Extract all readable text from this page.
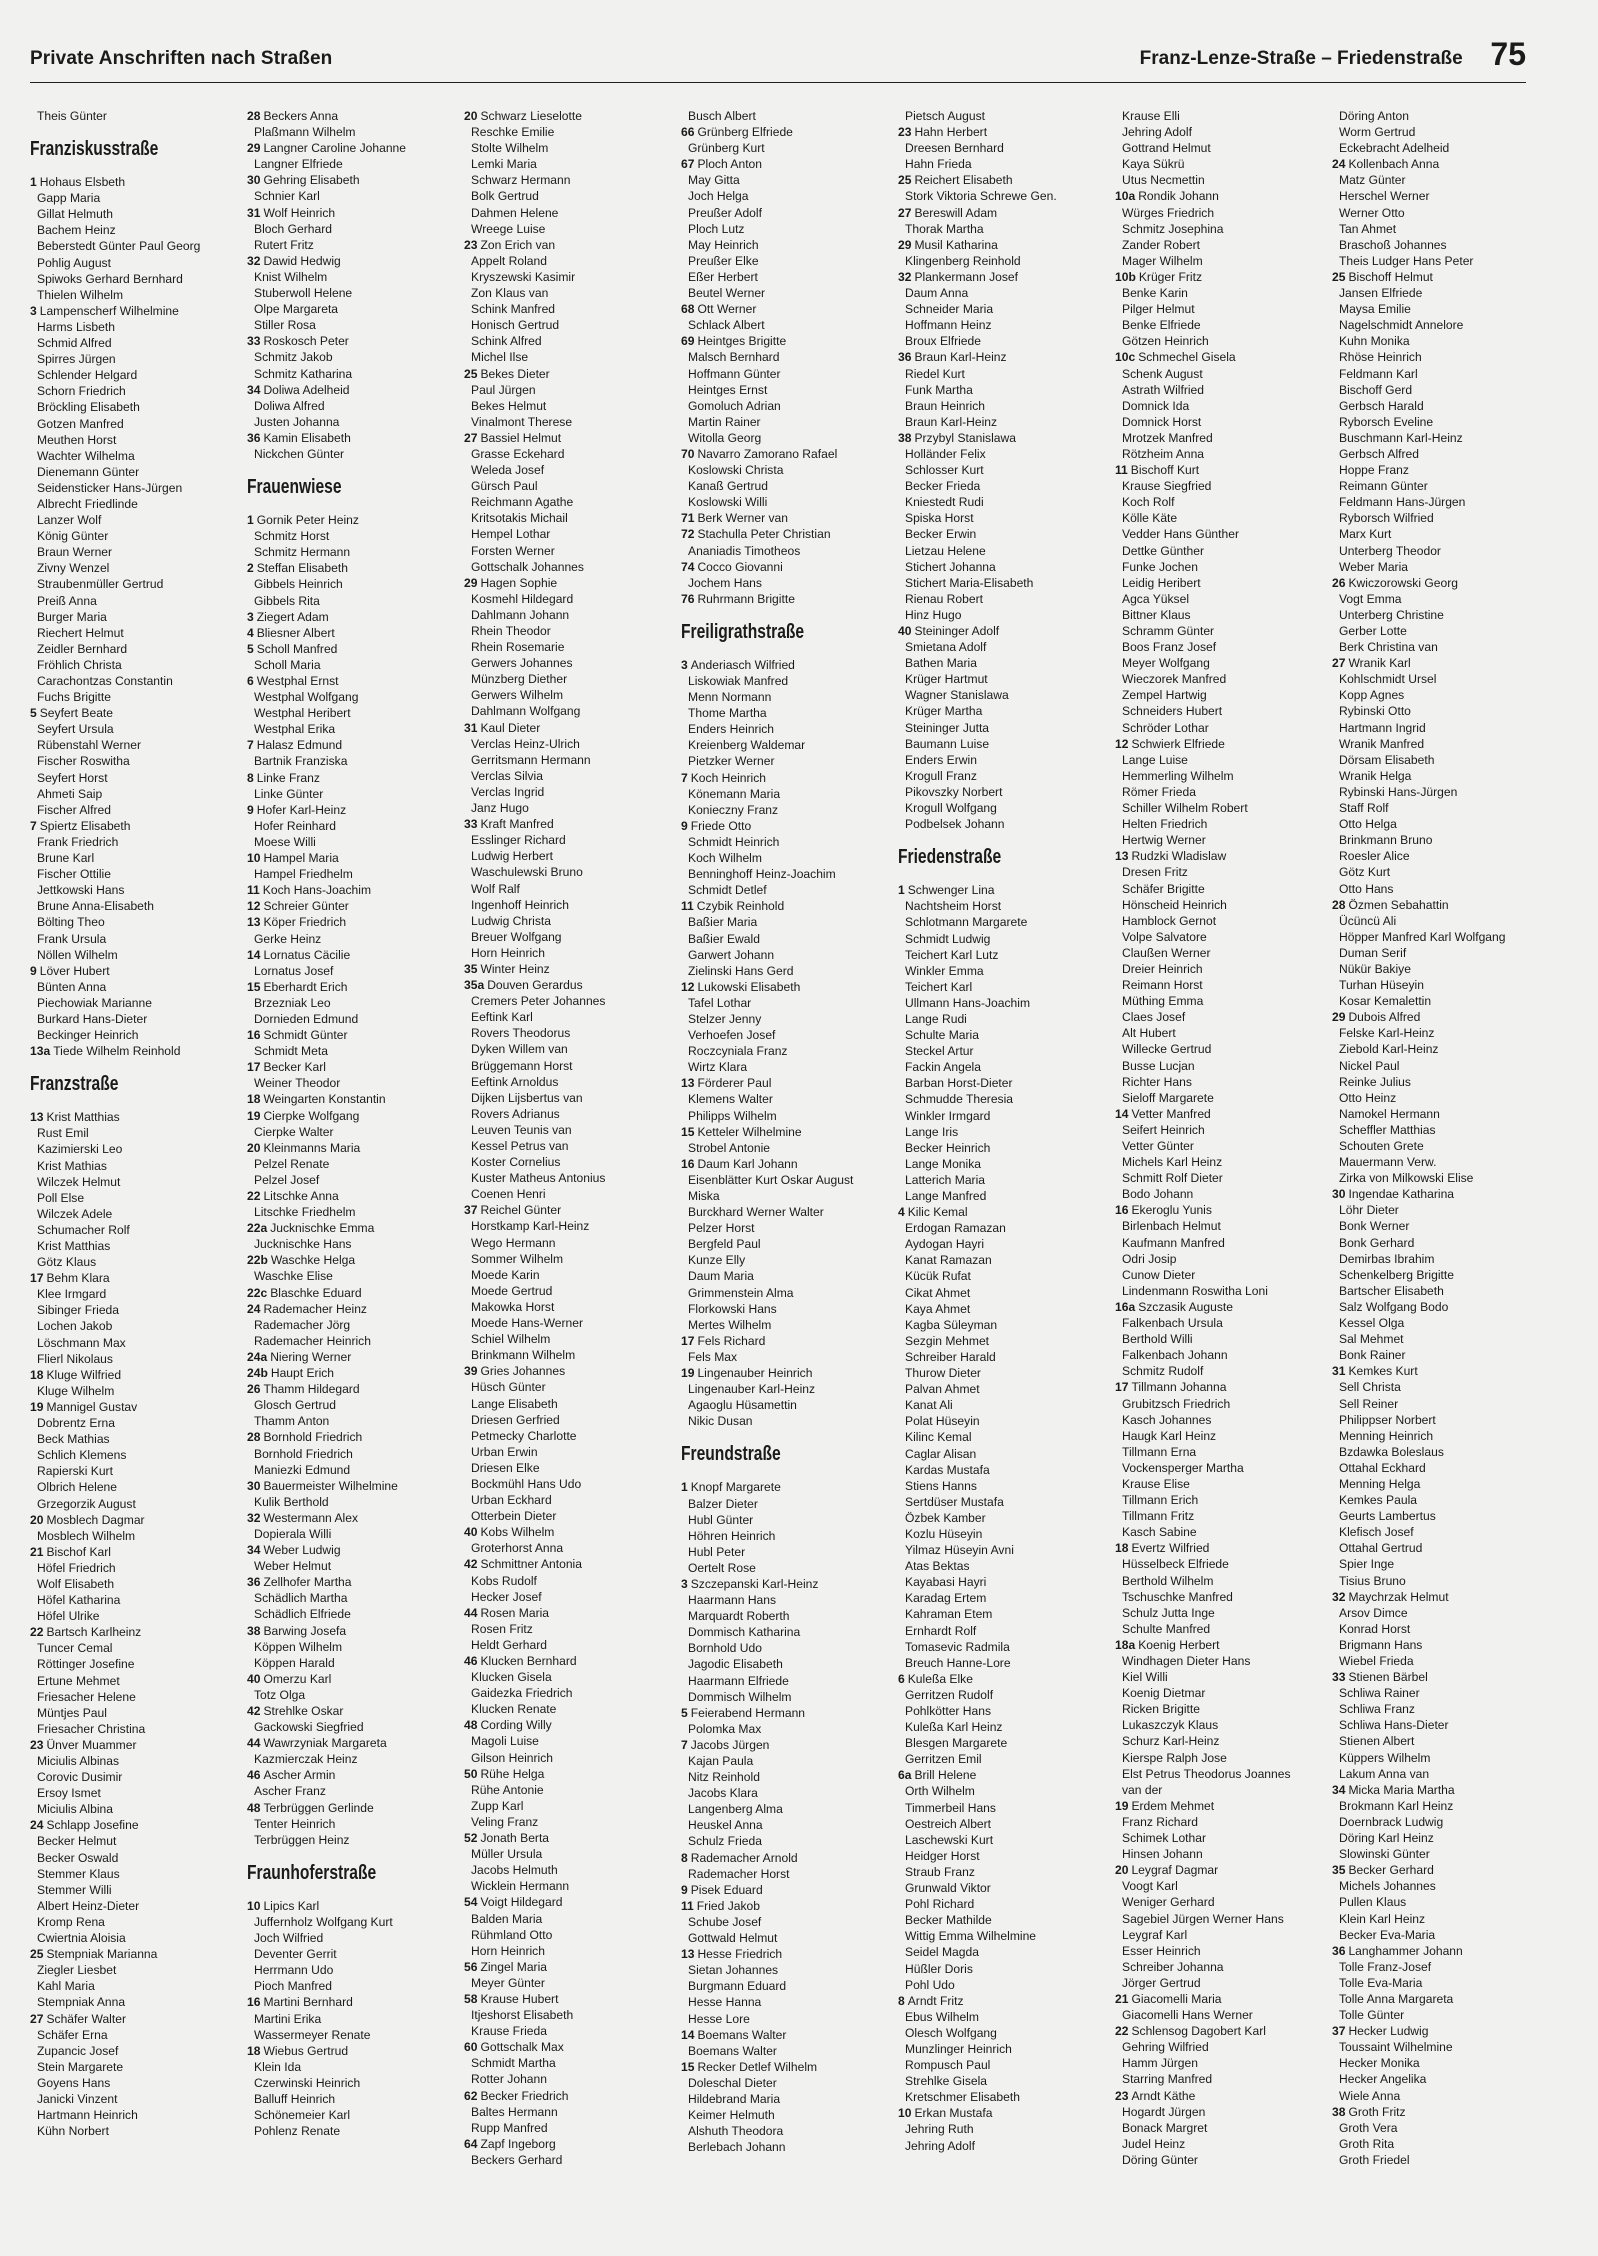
Private Anschriften nach Straßen	Franz-Lenze-Straße – Friedenstraße 75
Theis Günter
Franziskusstraße
1 Hohaus Elsbeth
Gapp Maria
Gillat Helmuth
Bachem Heinz
Beberstedt Günter Paul Georg
Pohlig August
Spiwoks Gerhard Bernhard
Thielen Wilhelm
3 Lampenscherf Wilhelmine
Harms Lisbeth
Schmid Alfred
Spirres Jürgen
Schlender Helgard
Schorn Friedrich
Bröckling Elisabeth
Gotzen Manfred
Meuthen Horst
Wachter Wilhelma
Dienemann Günter
Seidensticker Hans-Jürgen
Albrecht Friedlinde
Lanzer Wolf
König Günter
Braun Werner
Zivny Wenzel
Straubenmüller Gertrud
Preiß Anna
Burger Maria
Riechert Helmut
Zeidler Bernhard
Fröhlich Christa
Carachontzas Constantin
Fuchs Brigitte
5 Seyfert Beate
Seyfert Ursula
Rübenstahl Werner
Fischer Roswitha
Seyfert Horst
Ahmeti Saip
Fischer Alfred
7 Spiertz Elisabeth
Frank Friedrich
Brune Karl
Fischer Ottilie
Jettkowski Hans
Brune Anna-Elisabeth
Bölting Theo
Frank Ursula
Nöllen Wilhelm
9 Löver Hubert
Bünten Anna
Piechowiak Marianne
Burkard Hans-Dieter
Beckinger Heinrich
13a Tiede Wilhelm Reinhold
Franzstraße
13 Krist Matthias
Rust Emil
Kazimierski Leo
Krist Mathias
Wilczek Helmut
Poll Else
Wilczek Adele
Schumacher Rolf
Krist Matthias
Götz Klaus
17 Behm Klara
Klee Irmgard
Sibinger Frieda
Lochen Jakob
Löschmann Max
Flierl Nikolaus
18 Kluge Wilfried
Kluge Wilhelm
19 Mannigel Gustav
Dobrentz Erna
Beck Mathias
Schlich Klemens
Rapierski Kurt
Olbrich Helene
Grzegorzik August
20 Mosblech Dagmar
Mosblech Wilhelm
21 Bischof Karl
Höfel Friedrich
Wolf Elisabeth
Höfel Katharina
Höfel Ulrike
22 Bartsch Karlheinz
Tuncer Cemal
Röttinger Josefine
Ertune Mehmet
Friesacher Helene
Müntjes Paul
Friesacher Christina
23 Ünver Muammer
Miciulis Albinas
Corovic Dusimir
Ersoy Ismet
Miciulis Albina
24 Schlapp Josefine
Becker Helmut
Becker Oswald
Stemmer Klaus
Stemmer Willi
Albert Heinz-Dieter
Kromp Rena
Cwiertnia Aloisia
25 Stempniak Marianna
Ziegler Liesbet
Kahl Maria
Stempniak Anna
27 Schäfer Walter
Schäfer Erna
Zupancic Josef
Stein Margarete
Goyens Hans
Janicki Vinzent
Hartmann Heinrich
Kühn Norbert
28 Beckers Anna
Plaßmann Wilhelm
29 Langner Caroline Johanne
Langner Elfriede
30 Gehring Elisabeth
Schnier Karl
31 Wolf Heinrich
Bloch Gerhard
Rutert Fritz
32 Dawid Hedwig
Knist Wilhelm
Stuberwoll Helene
Olpe Margareta
Stiller Rosa
33 Roskosch Peter
Schmitz Jakob
Schmitz Katharina
34 Doliwa Adelheid
Doliwa Alfred
Justen Johanna
36 Kamin Elisabeth
Nickchen Günter
Frauenwiese
1 Gornik Peter Heinz
Schmitz Horst
Schmitz Hermann
2 Steffan Elisabeth
Gibbels Heinrich
Gibbels Rita
3 Ziegert Adam
4 Bliesner Albert
5 Scholl Manfred
Scholl Maria
6 Westphal Ernst
Westphal Wolfgang
Westphal Heribert
Westphal Erika
7 Halasz Edmund
Bartnik Franziska
8 Linke Franz
Linke Günter
9 Hofer Karl-Heinz
Hofer Reinhard
Moese Willi
10 Hampel Maria
Hampel Friedhelm
11 Koch Hans-Joachim
12 Schreier Günter
13 Köper Friedrich
Gerke Heinz
14 Lornatus Cäcilie
Lornatus Josef
15 Eberhardt Erich
Brzezniak Leo
Dornieden Edmund
16 Schmidt Günter
Schmidt Meta
17 Becker Karl
Weiner Theodor
18 Weingarten Konstantin
19 Cierpke Wolfgang
Cierpke Walter
20 Kleinmanns Maria
Pelzel Renate
Pelzel Josef
22 Litschke Anna
Litschke Friedhelm
22a Jucknischke Emma
Jucknischke Hans
22b Waschke Helga
Waschke Elise
22c Blaschke Eduard
24 Rademacher Heinz
Rademacher Jörg
Rademacher Heinrich
24a Niering Werner
24b Haupt Erich
26 Thamm Hildegard
Glosch Gertrud
Thamm Anton
28 Bornhold Friedrich
Bornhold Friedrich
Maniezki Edmund
30 Bauermeister Wilhelmine
Kulik Berthold
32 Westermann Alex
Dopierala Willi
34 Weber Ludwig
Weber Helmut
36 Zellhofer Martha
Schädlich Martha
Schädlich Elfriede
38 Barwing Josefa
Köppen Wilhelm
Köppen Harald
40 Omerzu Karl
Totz Olga
42 Strehlke Oskar
Gackowski Siegfried
44 Wawrzyniak Margareta
Kazmierczak Heinz
46 Ascher Armin
Ascher Franz
48 Terbrüggen Gerlinde
Tenter Heinrich
Terbrüggen Heinz
Fraunhoferstraße
10 Lipics Karl
Juffernholz Wolfgang Kurt
Joch Wilfried
Deventer Gerrit
Herrmann Udo
Pioch Manfred
16 Martini Bernhard
Martini Erika
Wassermeyer Renate
18 Wiebus Gertrud
Klein Ida
Czerwinski Heinrich
Balluff Heinrich
Schönemeier Karl
Pohlenz Renate
20 Schwarz Lieselotte
Reschke Emilie
Stolte Wilhelm
Lemki Maria
Schwarz Hermann
Bolk Gertrud
Dahmen Helene
Wreege Luise
23 Zon Erich van
Appelt Roland
Kryszewski Kasimir
Zon Klaus van
Schink Manfred
Honisch Gertrud
Schink Alfred
Michel Ilse
25 Bekes Dieter
Paul Jürgen
Bekes Helmut
Vinalmont Therese
27 Bassiel Helmut
Grasse Eckehard
Weleda Josef
Gürsch Paul
Reichmann Agathe
Kritsotakis Michail
Hempel Lothar
Forsten Werner
Gottschalk Johannes
29 Hagen Sophie
Kosmehl Hildegard
Dahlmann Johann
Rhein Theodor
Rhein Rosemarie
Gerwers Johannes
Münzberg Diether
Gerwers Wilhelm
Dahlmann Wolfgang
31 Kaul Dieter
Verclas Heinz-Ulrich
Gerritsmann Hermann
Verclas Silvia
Verclas Ingrid
Janz Hugo
33 Kraft Manfred
Esslinger Richard
Ludwig Herbert
Waschulewski Bruno
Wolf Ralf
Ingenhoff Heinrich
Ludwig Christa
Breuer Wolfgang
Horn Heinrich
35 Winter Heinz
35a Douven Gerardus
Cremers Peter Johannes
Eeftink Karl
Rovers Theodorus
Dyken Willem van
Brüggemann Horst
Eeftink Arnoldus
Dijken Lijsbertus van
Rovers Adrianus
Leuven Teunis van
Kessel Petrus van
Koster Cornelius
Kuster Matheus Antonius
Coenen Henri
37 Reichel Günter
Horstkamp Karl-Heinz
Wego Hermann
Sommer Wilhelm
Moede Karin
Moede Gertrud
Makowka Horst
Moede Hans-Werner
Schiel Wilhelm
Brinkmann Wilhelm
39 Gries Johannes
Hüsch Günter
Lange Elisabeth
Driesen Gerfried
Petmecky Charlotte
Urban Erwin
Driesen Elke
Bockmühl Hans Udo
Urban Eckhard
Otterbein Dieter
40 Kobs Wilhelm
Groterhorst Anna
42 Schmittner Antonia
Kobs Rudolf
Hecker Josef
44 Rosen Maria
Rosen Fritz
Heldt Gerhard
46 Klucken Bernhard
Klucken Gisela
Gaidezka Friedrich
Klucken Renate
48 Cording Willy
Magoli Luise
Gilson Heinrich
50 Rühe Helga
Rühe Antonie
Zupp Karl
Veling Franz
52 Jonath Berta
Müller Ursula
Jacobs Helmuth
Wicklein Hermann
54 Voigt Hildegard
Balden Maria
Rühmland Otto
Horn Heinrich
56 Zingel Maria
Meyer Günter
58 Krause Hubert
Itjeshorst Elisabeth
Krause Frieda
60 Gottschalk Max
Schmidt Martha
Rotter Johann
62 Becker Friedrich
Baltes Hermann
Rupp Manfred
64 Zapf Ingeborg
Beckers Gerhard
Busch Albert
66 Grünberg Elfriede
Grünberg Kurt
67 Ploch Anton
May Gitta
Joch Helga
Preußer Adolf
Ploch Lutz
May Heinrich
Preußer Elke
Eßer Herbert
Beutel Werner
68 Ott Werner
Schlack Albert
69 Heintges Brigitte
Malsch Bernhard
Hoffmann Günter
Heintges Ernst
Gomoluch Adrian
Martin Rainer
Witolla Georg
70 Navarro Zamorano Rafael
Koslowski Christa
Kanaß Gertrud
Koslowski Willi
71 Berk Werner van
72 Stachulla Peter Christian
Ananiadis Timotheos
74 Cocco Giovanni
Jochem Hans
76 Ruhrmann Brigitte
Freiligrathstraße
3 Anderiasch Wilfried
Liskowiak Manfred
Menn Normann
Thome Martha
Enders Heinrich
Kreienberg Waldemar
Pietzker Werner
7 Koch Heinrich
Könemann Maria
Konieczny Franz
9 Friede Otto
Schmidt Heinrich
Koch Wilhelm
Benninghoff Heinz-Joachim
Schmidt Detlef
11 Czybik Reinhold
Baßier Maria
Baßier Ewald
Garwert Johann
Zielinski Hans Gerd
12 Lukowski Elisabeth
Tafel Lothar
Stelzer Jenny
Verhoefen Josef
Roczcyniala Franz
Wirtz Klara
13 Förderer Paul
Klemens Walter
Philipps Wilhelm
15 Ketteler Wilhelmine
Strobel Antonie
16 Daum Karl Johann
Eisenblätter Kurt Oskar August
Miska
Burckhard Werner Walter
Pelzer Horst
Bergfeld Paul
Kunze Elly
Daum Maria
Grimmenstein Alma
Florkowski Hans
Mertes Wilhelm
17 Fels Richard
Fels Max
19 Lingenauber Heinrich
Lingenauber Karl-Heinz
Agaoglu Hüsamettin
Nikic Dusan
Freundstraße
1 Knopf Margarete
Balzer Dieter
Hubl Günter
Höhren Heinrich
Hubl Peter
Oertelt Rose
3 Szczepanski Karl-Heinz
Haarmann Hans
Marquardt Roberth
Dommisch Katharina
Bornhold Udo
Jagodic Elisabeth
Haarmann Elfriede
Dommisch Wilhelm
5 Feierabend Hermann
Polomka Max
7 Jacobs Jürgen
Kajan Paula
Nitz Reinhold
Jacobs Klara
Langenberg Alma
Heuskel Anna
Schulz Frieda
8 Rademacher Arnold
Rademacher Horst
9 Pisek Eduard
11 Fried Jakob
Schube Josef
Gottwald Helmut
13 Hesse Friedrich
Sietan Johannes
Burgmann Eduard
Hesse Hanna
Hesse Lore
14 Boemans Walter
Boemans Walter
15 Recker Detlef Wilhelm
Doleschal Dieter
Hildebrand Maria
Keimer Helmuth
Alshuth Theodora
Berlebach Johann
Pietsch August
23 Hahn Herbert
Dreesen Bernhard
Hahn Frieda
25 Reichert Elisabeth
Stork Viktoria Schrewe Gen.
27 Bereswill Adam
Thorak Martha
29 Musil Katharina
Klingenberg Reinhold
32 Plankermann Josef
Daum Anna
Schneider Maria
Hoffmann Heinz
Broux Elfriede
36 Braun Karl-Heinz
Riedel Kurt
Funk Martha
Braun Heinrich
Braun Karl-Heinz
38 Przybyl Stanislawa
Holländer Felix
Schlosser Kurt
Becker Frieda
Kniestedt Rudi
Spiska Horst
Becker Erwin
Lietzau Helene
Stichert Johanna
Stichert Maria-Elisabeth
Rienau Robert
Hinz Hugo
40 Steininger Adolf
Smietana Adolf
Bathen Maria
Krüger Hartmut
Wagner Stanislawa
Krüger Martha
Steininger Jutta
Baumann Luise
Enders Erwin
Krogull Franz
Pikovszky Norbert
Krogull Wolfgang
Podbelsek Johann
Friedenstraße
1 Schwenger Lina
Nachtsheim Horst
Schlotmann Margarete
Schmidt Ludwig
Teichert Karl Lutz
Winkler Emma
Teichert Karl
Ullmann Hans-Joachim
Lange Rudi
Schulte Maria
Steckel Artur
Fackin Angela
Barban Horst-Dieter
Schmudde Theresia
Winkler Irmgard
Lange Iris
Becker Heinrich
Lange Monika
Latterich Maria
Lange Manfred
4 Kilic Kemal
Erdogan Ramazan
Aydogan Hayri
Kanat Ramazan
Kücük Rufat
Cikat Ahmet
Kaya Ahmet
Kagba Süleyman
Sezgin Mehmet
Schreiber Harald
Thurow Dieter
Palvan Ahmet
Kanat Ali
Polat Hüseyin
Kilinc Kemal
Caglar Alisan
Kardas Mustafa
Stiens Hanns
Sertdüser Mustafa
Özbek Kamber
Kozlu Hüseyin
Yilmaz Hüseyin Avni
Atas Bektas
Kayabasi Hayri
Karadag Ertem
Kahraman Etem
Ernhardt Rolf
Tomasevic Radmila
Breuch Hanne-Lore
6 Kuleßa Elke
Gerritzen Rudolf
Pohlkötter Hans
Kuleßa Karl Heinz
Blesgen Margarete
Gerritzen Emil
6a Brill Helene
Orth Wilhelm
Timmerbeil Hans
Oestreich Albert
Laschewski Kurt
Heidger Horst
Straub Franz
Grunwald Viktor
Pohl Richard
Becker Mathilde
Wittig Emma Wilhelmine
Seidel Magda
Hüßler Doris
Pohl Udo
8 Arndt Fritz
Ebus Wilhelm
Olesch Wolfgang
Munzlinger Heinrich
Rompusch Paul
Strehlke Gisela
Kretschmer Elisabeth
10 Erkan Mustafa
Jehring Ruth
Jehring Adolf
Krause Elli
Jehring Adolf
Gottrand Helmut
Kaya Sükrü
Utus Necmettin
10a Rondik Johann
Würges Friedrich
Schmitz Josephina
Zander Robert
Mager Wilhelm
10b Krüger Fritz
Benke Karin
Pilger Helmut
Benke Elfriede
Götzen Heinrich
10c Schmechel Gisela
Schenk August
Astrath Wilfried
Domnick Ida
Domnick Horst
Mrotzek Manfred
Rötzheim Anna
11 Bischoff Kurt
Krause Siegfried
Koch Rolf
Kölle Käte
Vedder Hans Günther
Dettke Günther
Funke Jochen
Leidig Heribert
Agca Yüksel
Bittner Klaus
Schramm Günter
Boos Franz Josef
Meyer Wolfgang
Wieczorek Manfred
Zempel Hartwig
Schneiders Hubert
Schröder Lothar
12 Schwierk Elfriede
Lange Luise
Hemmerling Wilhelm
Römer Frieda
Schiller Wilhelm Robert
Helten Friedrich
Hertwig Werner
13 Rudzki Wladislaw
Dresen Fritz
Schäfer Brigitte
Hönscheid Heinrich
Hamblock Gernot
Volpe Salvatore
Claußen Werner
Dreier Heinrich
Reimann Horst
Müthing Emma
Claes Josef
Alt Hubert
Willecke Gertrud
Busse Lucjan
Richter Hans
Sieloff Margarete
14 Vetter Manfred
Seifert Heinrich
Vetter Günter
Michels Karl Heinz
Schmitt Rolf Dieter
Bodo Johann
16 Ekeroglu Yunis
Birlenbach Helmut
Kaufmann Manfred
Odri Josip
Cunow Dieter
Lindenmann Roswitha Loni
16a Szczasik Auguste
Falkenbach Ursula
Berthold Willi
Falkenbach Johann
Schmitz Rudolf
17 Tillmann Johanna
Grubitzsch Friedrich
Kasch Johannes
Haugk Karl Heinz
Tillmann Erna
Vockensperger Martha
Krause Elise
Tillmann Erich
Tillmann Fritz
Kasch Sabine
18 Evertz Wilfried
Hüsselbeck Elfriede
Berthold Wilhelm
Tschuschke Manfred
Schulz Jutta Inge
Schulte Manfred
18a Koenig Herbert
Windhagen Dieter Hans
Kiel Willi
Koenig Dietmar
Ricken Brigitte
Lukaszczyk Klaus
Schurz Karl-Heinz
Kierspe Ralph Jose
Elst Petrus Theodorus Joannes
van der
19 Erdem Mehmet
Franz Richard
Schimek Lothar
Hinsen Johann
20 Leygraf Dagmar
Voogt Karl
Weniger Gerhard
Sagebiel Jürgen Werner Hans
Leygraf Karl
Esser Heinrich
Schreiber Johanna
Jörger Gertrud
21 Giacomelli Maria
Giacomelli Hans Werner
22 Schlensog Dagobert Karl
Gehring Wilfried
Hamm Jürgen
Starring Manfred
23 Arndt Käthe
Hogardt Jürgen
Bonack Margret
Judel Heinz
Döring Günter
Döring Anton
Worm Gertrud
Eckebracht Adelheid
24 Kollenbach Anna
Matz Günter
Herschel Werner
Werner Otto
Tan Ahmet
Braschoß Johannes
Theis Ludger Hans Peter
25 Bischoff Helmut
Jansen Elfriede
Maysa Emilie
Nagelschmidt Annelore
Kuhn Monika
Rhöse Heinrich
Feldmann Karl
Bischoff Gerd
Gerbsch Harald
Ryborsch Eveline
Buschmann Karl-Heinz
Gerbsch Alfred
Hoppe Franz
Reimann Günter
Feldmann Hans-Jürgen
Ryborsch Wilfried
Marx Kurt
Unterberg Theodor
Weber Maria
26 Kwiczorowski Georg
Vogt Emma
Unterberg Christine
Gerber Lotte
Berk Christina van
27 Wranik Karl
Kohlschmidt Ursel
Kopp Agnes
Rybinski Otto
Hartmann Ingrid
Wranik Manfred
Dörsam Elisabeth
Wranik Helga
Rybinski Hans-Jürgen
Staff Rolf
Otto Helga
Brinkmann Bruno
Roesler Alice
Götz Kurt
Otto Hans
28 Özmen Sebahattin
Ücüncü Ali
Höpper Manfred Karl Wolfgang
Duman Serif
Nükür Bakiye
Turhan Hüseyin
Kosar Kemalettin
29 Dubois Alfred
Felske Karl-Heinz
Ziebold Karl-Heinz
Nickel Paul
Reinke Julius
Otto Heinz
Namokel Hermann
Scheffler Matthias
Schouten Grete
Mauermann Verw.
Zirka von Milkowski Elise
30 Ingendae Katharina
Löhr Dieter
Bonk Werner
Bonk Gerhard
Demirbas Ibrahim
Schenkelberg Brigitte
Bartscher Elisabeth
Salz Wolfgang Bodo
Kessel Olga
Sal Mehmet
Bonk Rainer
31 Kemkes Kurt
Sell Christa
Sell Reiner
Philippser Norbert
Menning Heinrich
Bzdawka Boleslaus
Ottahal Eckhard
Menning Helga
Kemkes Paula
Geurts Lambertus
Klefisch Josef
Ottahal Gertrud
Spier Inge
Tisius Bruno
32 Maychrzak Helmut
Arsov Dimce
Konrad Horst
Brigmann Hans
Wiebel Frieda
33 Stienen Bärbel
Schliwa Rainer
Schliwa Franz
Schliwa Hans-Dieter
Stienen Albert
Küppers Wilhelm
Lakum Anna van
34 Micka Maria Martha
Brokmann Karl Heinz
Doernbrack Ludwig
Döring Karl Heinz
Slowinski Günter
35 Becker Gerhard
Michels Johannes
Pullen Klaus
Klein Karl Heinz
Becker Eva-Maria
36 Langhammer Johann
Tolle Franz-Josef
Tolle Eva-Maria
Tolle Anna Margareta
Tolle Günter
37 Hecker Ludwig
Toussaint Wilhelmine
Hecker Monika
Hecker Angelika
Wiele Anna
38 Groth Fritz
Groth Vera
Groth Rita
Groth Friedel
